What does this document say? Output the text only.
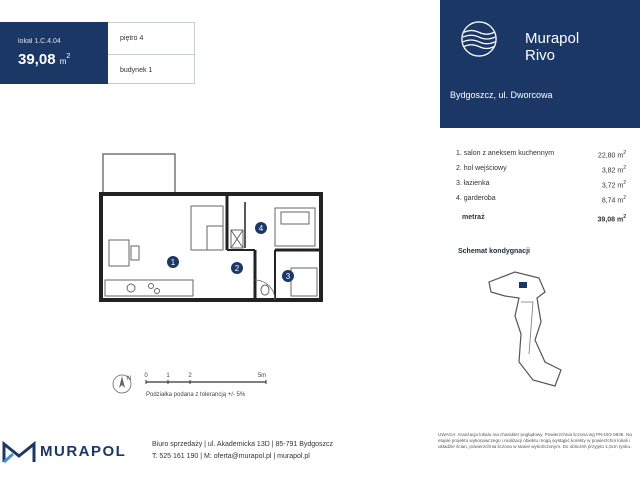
lokal 1.C.4.04
39,08 $m^2$
piętro 4
budynek 1
Murapol
Rivo
Bydgoszcz, ul. Dworcowa
1. salon z aneksem kuchennym	22,80 $m^2$
2. hol wejściowy	3,82 $m^2$
3. łazienka	3,72 $m^2$
4. garderoba	8,74 $m^2$
metraż	39,08 $m^2$
Schemat kondygnacji
1
2
3
4
N 0	1	2	5m
Podziałka podana z tolerancją +/- 5%
MURAPOL	Biuro sprzedaży | ul. Akademicka 13D | 85-791 Bydgoszcz
T: 525 161 190 | M: oferta@murapol.pl | murapol.pl
UWAGA: Aranżacja lokalu ma charakter poglądowy. Powierzchnia liczona wg PN-ISO 9836. Na etapie projektu wykonawczego i realizacji obiektu mogą wystąpić korekty w powierzchni lokali i układzie ścian, powierzchnia liczona w stanie wykończonym. Do obliczeń przyjęto 1,5cm tynku.
